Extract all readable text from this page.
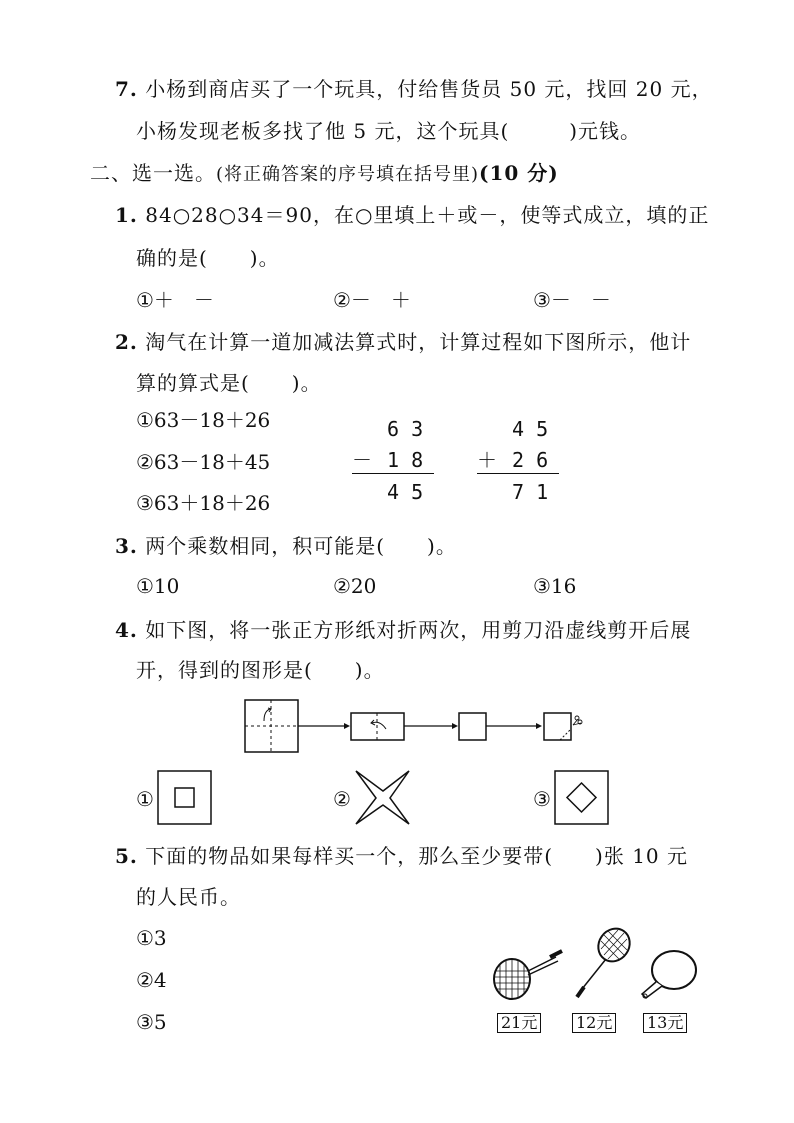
7. 小杨到商店买了一个玩具，付给售货员 50 元，找回 20 元，
小杨发现老板多找了他 5 元，这个玩具(	)元钱。
二、选一选。(将正确答案的序号填在括号里)(10 分)
1. 84○28○34＝90，在○里填上＋或－，使等式成立，填的正
确的是(　　)。
①＋　－	②－　＋	③－　－
2. 淘气在计算一道加减法算式时，计算过程如下图所示，他计
算的算式是(　　)。
①63－18＋26
②63－18＋45
③63＋18＋26
6 3
－ 1 8
4 5
4 5
＋ 2 6
7 1
3. 两个乘数相同，积可能是(　　)。
①10	②20	③16
4. 如下图，将一张正方形纸对折两次，用剪刀沿虚线剪开后展
开，得到的图形是(　　)。
①	②	③
5. 下面的物品如果每样买一个，那么至少要带(　　)张 10 元
的人民币。
①3
②4
③5	21元 12元 13元
